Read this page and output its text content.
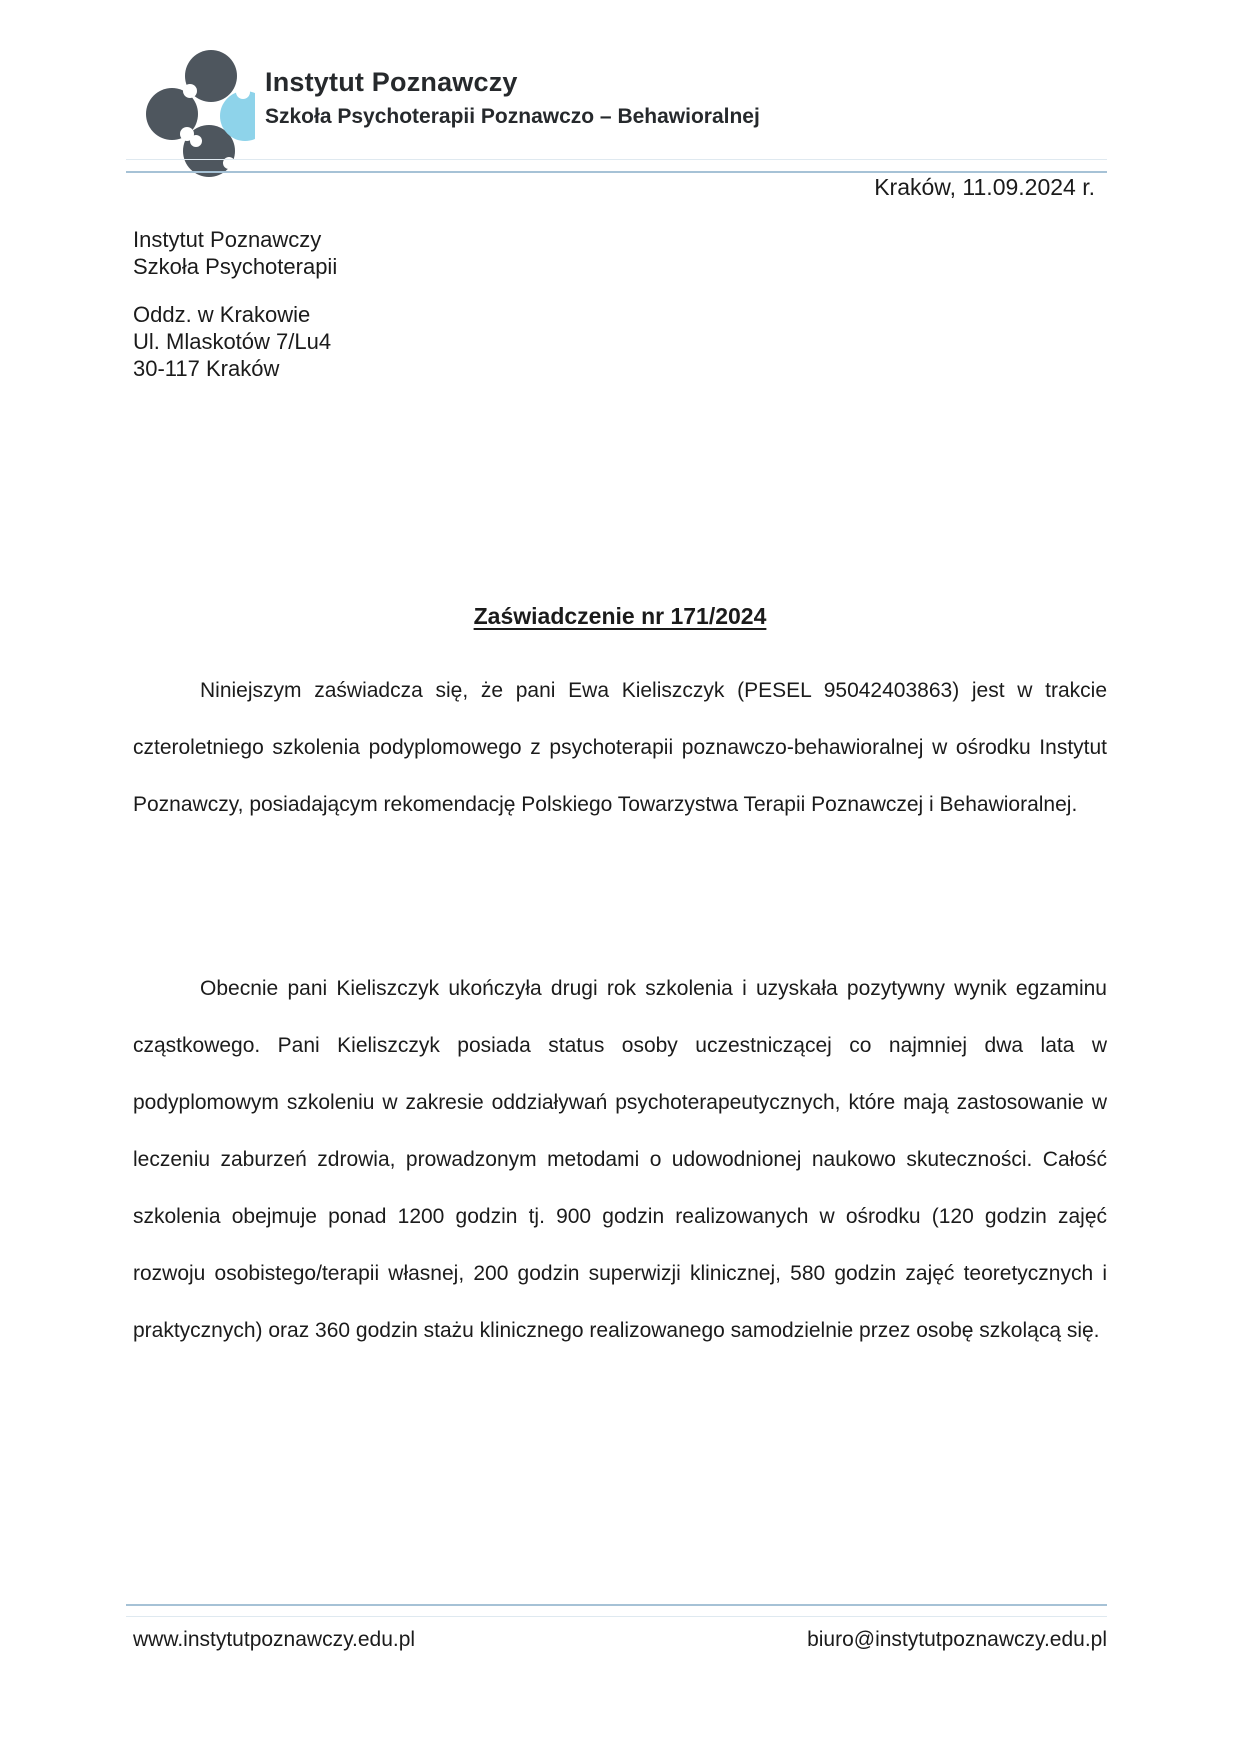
Instytut Poznawczy
Szkoła Psychoterapii Poznawczo – Behawioralnej
Kraków, 11.09.2024 r.
Instytut Poznawczy
Szkoła Psychoterapii
Oddz. w Krakowie
Ul. Mlaskotów 7/Lu4
30-117 Kraków
Zaświadczenie nr 171/2024
Niniejszym zaświadcza się, że pani Ewa Kieliszczyk (PESEL 95042403863) jest w trakcie czteroletniego szkolenia podyplomowego z psychoterapii poznawczo-behawioralnej w ośrodku Instytut Poznawczy, posiadającym rekomendację Polskiego Towarzystwa Terapii Poznawczej i Behawioralnej.
Obecnie pani Kieliszczyk ukończyła drugi rok szkolenia i uzyskała pozytywny wynik egzaminu cząstkowego. Pani Kieliszczyk posiada status osoby uczestniczącej co najmniej dwa lata w podyplomowym szkoleniu w zakresie oddziaływań psychoterapeutycznych, które mają zastosowanie w leczeniu zaburzeń zdrowia, prowadzonym metodami o udowodnionej naukowo skuteczności. Całość szkolenia obejmuje ponad 1200 godzin tj. 900 godzin realizowanych w ośrodku (120 godzin zajęć rozwoju osobistego/terapii własnej, 200 godzin superwizji klinicznej, 580 godzin zajęć teoretycznych i praktycznych) oraz 360 godzin stażu klinicznego realizowanego samodzielnie przez osobę szkolącą się.
www.instytutpoznawczy.edu.pl	biuro@instytutpoznawczy.edu.pl
